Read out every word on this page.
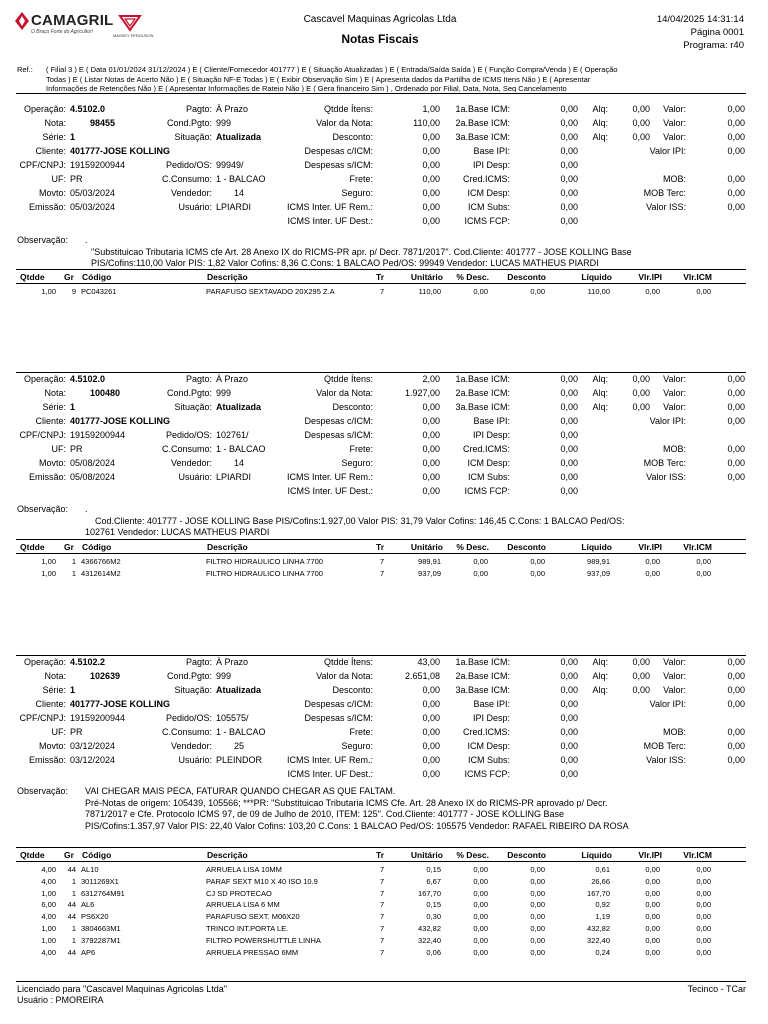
CAMAGRIL
O Braço Forte do Agricultor!
MASSEY FERGUSON
Cascavel Maquinas Agricolas Ltda
Notas Fiscais
14/04/2025 14:31:14
Página 0001
Programa: r40
Ref.: ( Filial 3 ) E ( Data 01/01/2024 31/12/2024 ) E ( Cliente/Fornecedor 401777 ) E ( Situação Atualizadas ) E ( Entrada/Saída Saída ) E ( Função Compra/Venda ) E ( Operação
Todas ) E ( Listar Notas de Acerto Não ) E ( Situação NF-E Todas ) E ( Exibir Observação Sim ) E ( Apresenta dados da Partilha de ICMS Itens Não ) E ( Apresentar
Informações de Retenções Não ) E ( Apresentar Informações de Rateio Não ) E ( Gera financeiro Sim ) , Ordenado por Filial, Data, Nota, Seq Cancelamento
Operação: 4.5102.0	Pagto: À Prazo	Qtdde Ítens:	1,00	1a.Base ICM:	0,00	Alq:	0,00	Valor:	0,00
Nota:	98455	Cond.Pgto: 999	Valor da Nota:	110,00	2a.Base ICM:	0,00	Alq:	0,00	Valor:	0,00
Série: 1	Situação: Atualizada	Desconto:	0,00	3a.Base ICM:	0,00	Alq:	0,00	Valor:	0,00
Cliente: 401777-JOSE KOLLING	Despesas c/ICM:	0,00	Base IPI:	0,00	Valor IPI:	0,00
CPF/CNPJ: 19159200944	Pedido/OS: 99949/	Despesas s/ICM:	0,00	IPI Desp:	0,00
UF: PR	C.Consumo: 1 - BALCAO	Frete:	0,00	Cred.ICMS:	0,00	MOB:	0,00
Movto: 05/03/2024	Vendedor: 14	Seguro:	0,00	ICM Desp:	0,00	MOB Terc:	0,00
Emissão: 05/03/2024	Usuário: LPIARDI	ICMS Inter. UF Rem.:	0,00	ICM Subs:	0,00	Valor ISS:	0,00
ICMS Inter. UF Dest.:	0,00	ICMS FCP:	0,00
Observação: .
"Substituicao Tributaria ICMS cfe Art. 28 Anexo IX do RICMS-PR apr. p/ Decr. 7871/2017". Cod.Cliente: 401777 - JOSE KOLLING Base
PIS/Cofins:110,00 Valor PIS: 1,82 Valor Cofins: 8,36 C.Cons: 1 BALCAO Ped/OS: 99949 Vendedor: LUCAS MATHEUS PIARDI
Qtdde Gr Código	Descrição	Tr	Unitário	% Desc.	Desconto	Líquido	Vlr.IPI	Vlr.ICM
1,00	9 PC043261	PARAFUSO SEXTAVADO 20X295 Z.A	7	110,00	0,00	0,00	110,00	0,00	0,00
Operação: 4.5102.0	Pagto: À Prazo	Qtdde Ítens:	2,00	1a.Base ICM:	0,00	Alq:	0,00	Valor:	0,00
Nota:	100480	Cond.Pgto: 999	Valor da Nota:	1.927,00	2a.Base ICM:	0,00	Alq:	0,00	Valor:	0,00
Série: 1	Situação: Atualizada	Desconto:	0,00	3a.Base ICM:	0,00	Alq:	0,00	Valor:	0,00
Cliente: 401777-JOSE KOLLING	Despesas c/ICM:	0,00	Base IPI:	0,00	Valor IPI:	0,00
CPF/CNPJ: 19159200944	Pedido/OS: 102761/	Despesas s/ICM:	0,00	IPI Desp:	0,00
UF: PR	C.Consumo: 1 - BALCAO	Frete:	0,00	Cred.ICMS:	0,00	MOB:	0,00
Movto: 05/08/2024	Vendedor: 14	Seguro:	0,00	ICM Desp:	0,00	MOB Terc:	0,00
Emissão: 05/08/2024	Usuário: LPIARDI	ICMS Inter. UF Rem.:	0,00	ICM Subs:	0,00	Valor ISS:	0,00
ICMS Inter. UF Dest.:	0,00	ICMS FCP:	0,00
Observação: .
Cod.Cliente: 401777 - JOSE KOLLING Base PIS/Cofins:1.927,00 Valor PIS: 31,79 Valor Cofins: 146,45 C.Cons: 1 BALCAO Ped/OS:
102761 Vendedor: LUCAS MATHEUS PIARDI
Qtdde Gr Código	Descrição	Tr	Unitário	% Desc.	Desconto	Líquido	Vlr.IPI	Vlr.ICM
1,00	1 4366766M2	FILTRO HIDRAULICO LINHA 7700	7	989,91	0,00	0,00	989,91	0,00	0,00
1,00	1 4312614M2	FILTRO HIDRAULICO LINHA 7700	7	937,09	0,00	0,00	937,09	0,00	0,00
Operação: 4.5102.2	Pagto: À Prazo	Qtdde Ítens:	43,00	1a.Base ICM:	0,00	Alq:	0,00	Valor:	0,00
Nota:	102639	Cond.Pgto: 999	Valor da Nota:	2.651,08	2a.Base ICM:	0,00	Alq:	0,00	Valor:	0,00
Série: 1	Situação: Atualizada	Desconto:	0,00	3a.Base ICM:	0,00	Alq:	0,00	Valor:	0,00
Cliente: 401777-JOSE KOLLING	Despesas c/ICM:	0,00	Base IPI:	0,00	Valor IPI:	0,00
CPF/CNPJ: 19159200944	Pedido/OS: 105575/	Despesas s/ICM:	0,00	IPI Desp:	0,00
UF: PR	C.Consumo: 1 - BALCAO	Frete:	0,00	Cred.ICMS:	0,00	MOB:	0,00
Movto: 03/12/2024	Vendedor: 25	Seguro:	0,00	ICM Desp:	0,00	MOB Terc:	0,00
Emissão: 03/12/2024	Usuário: PLEINDOR	ICMS Inter. UF Rem.:	0,00	ICM Subs:	0,00	Valor ISS:	0,00
ICMS Inter. UF Dest.:	0,00	ICMS FCP:	0,00
Observação: VAI CHEGAR MAIS PECA, FATURAR QUANDO CHEGAR AS QUE FALTAM.
Pré-Notas de origem: 105439, 105566; ***PR: "Substituicao Tributaria ICMS Cfe. Art. 28 Anexo IX do RICMS-PR aprovado p/ Decr.
7871/2017 e Cfe. Protocolo ICMS 97, de 09 de Julho de 2010, ITEM: 125". Cod.Cliente: 401777 - JOSE KOLLING Base
PIS/Cofins:1.357,97 Valor PIS: 22,40 Valor Cofins: 103,20 C.Cons: 1 BALCAO Ped/OS: 105575 Vendedor: RAFAEL RIBEIRO DA ROSA
Qtdde Gr Código	Descrição	Tr	Unitário	% Desc.	Desconto	Líquido	Vlr.IPI	Vlr.ICM
4,00	44 AL10	ARRUELA LISA 10MM	7	0,15	0,00	0,00	0,61	0,00	0,00
4,00	1 3011269X1	PARAF SEXT M10 X 40 ISO 10.9	7	6,67	0,00	0,00	26,66	0,00	0,00
1,00	1 6312764M91	CJ SD PROTECAO	7	167,70	0,00	0,00	167,70	0,00	0,00
6,00	44 AL6	ARRUELA LISA 6 MM	7	0,15	0,00	0,00	0,92	0,00	0,00
4,00	44 PS6X20	PARAFUSO SEXT. M06X20	7	0,30	0,00	0,00	1,19	0,00	0,00
1,00	1 3804663M1	TRINCO INT.PORTA LE.	7	432,82	0,00	0,00	432,82	0,00	0,00
1,00	1 3792287M1	FILTRO POWERSHUTTLE LINHA	7	322,40	0,00	0,00	322,40	0,00	0,00
4,00	44 AP6	ARRUELA PRESSAO 6MM	7	0,06	0,00	0,00	0,24	0,00	0,00
Licenciado para "Cascavel Maquinas Agricolas Ltda"
Usuário : PMOREIRA
Tecinco - TCar
